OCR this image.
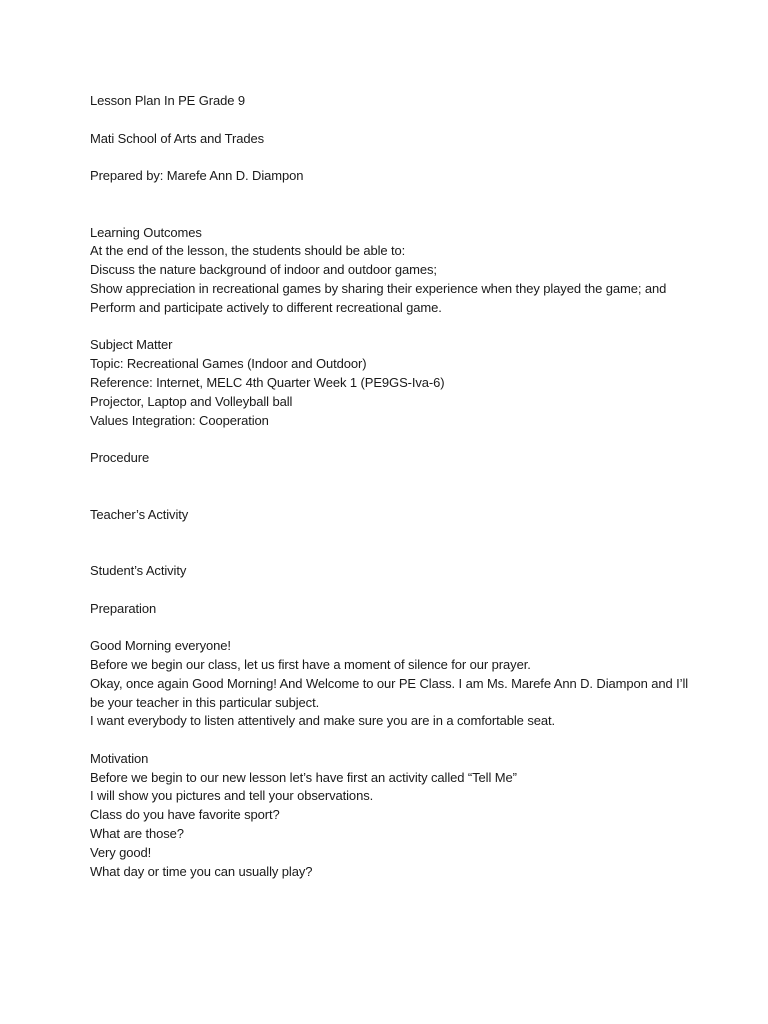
Lesson Plan In PE Grade 9
Mati School of Arts and Trades
Prepared by: Marefe Ann D. Diampon
Learning Outcomes
At the end of the lesson, the students should be able to:
Discuss the nature background of indoor and outdoor games;
Show appreciation in recreational games by sharing their experience when they played the game; and
Perform and participate actively to different recreational game.
Subject Matter
Topic: Recreational Games (Indoor and Outdoor)
Reference: Internet, MELC 4th Quarter Week 1 (PE9GS-Iva-6)
Projector, Laptop and Volleyball ball
Values Integration: Cooperation
Procedure
Teacher’s Activity
Student’s Activity
Preparation
Good Morning everyone!
Before we begin our class, let us first have a moment of silence for our prayer.
Okay, once again Good Morning! And Welcome to our PE Class. I am Ms. Marefe Ann D. Diampon and I’ll
be your teacher in this particular subject.
I want everybody to listen attentively and make sure you are in a comfortable seat.
Motivation
Before we begin to our new lesson let’s have first an activity called “Tell Me”
I will show you pictures and tell your observations.
Class do you have favorite sport?
What are those?
Very good!
What day or time you can usually play?
